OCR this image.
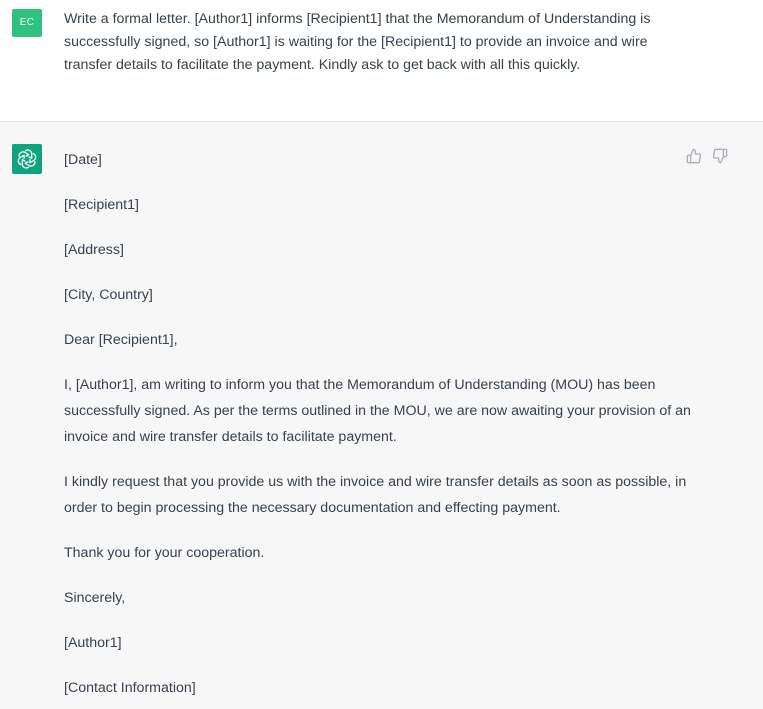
EC	Write a formal letter. [Author1] informs [Recipient1] that the Memorandum of Understanding is successfully signed, so [Author1] is waiting for the [Recipient1] to provide an invoice and wire transfer details to facilitate the payment. Kindly ask to get back with all this quickly.

[Date]

[Recipient1]

[Address]

[City, Country]

Dear [Recipient1],

I, [Author1], am writing to inform you that the Memorandum of Understanding (MOU) has been successfully signed. As per the terms outlined in the MOU, we are now awaiting your provision of an invoice and wire transfer details to facilitate payment.

I kindly request that you provide us with the invoice and wire transfer details as soon as possible, in order to begin processing the necessary documentation and effecting payment.

Thank you for your cooperation.

Sincerely,

[Author1]

[Contact Information]
